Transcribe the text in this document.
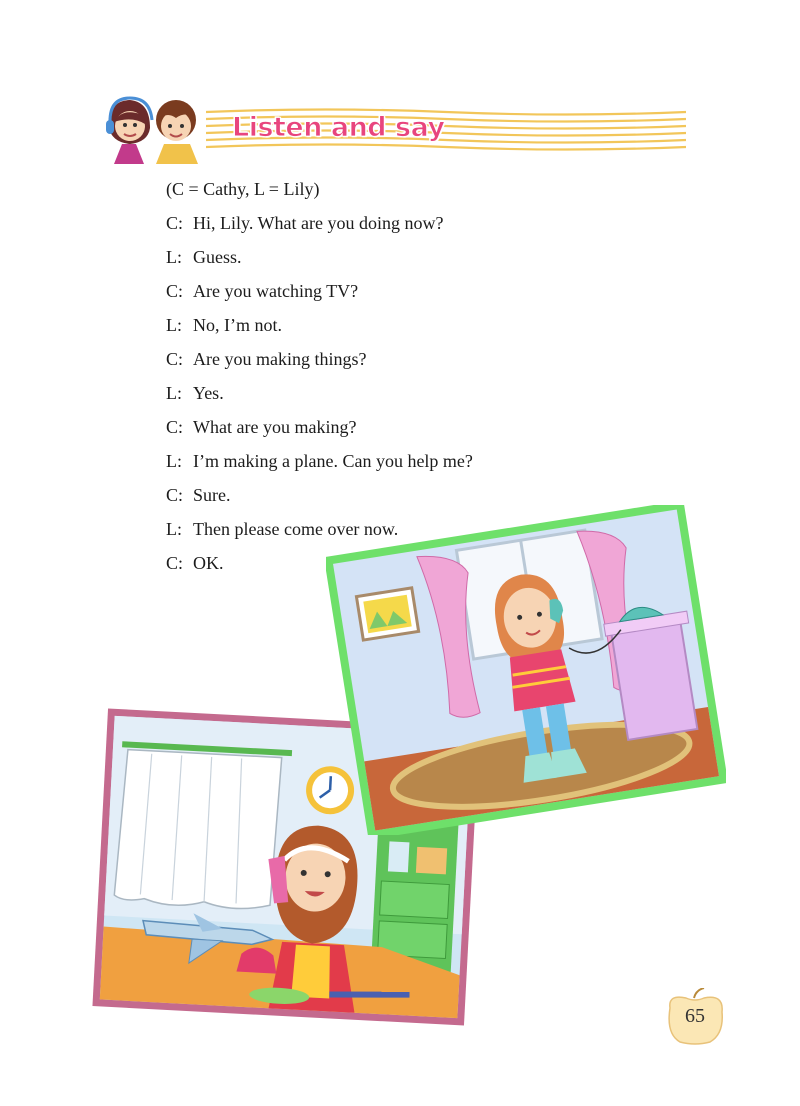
Listen and say
(C = Cathy, L = Lily)
C: Hi, Lily. What are you doing now?
L: Guess.
C: Are you watching TV?
L: No, I’m not.
C: Are you making things?
L: Yes.
C: What are you making?
L: I’m making a plane. Can you help me?
C: Sure.
L: Then please come over now.
C: OK.
65
